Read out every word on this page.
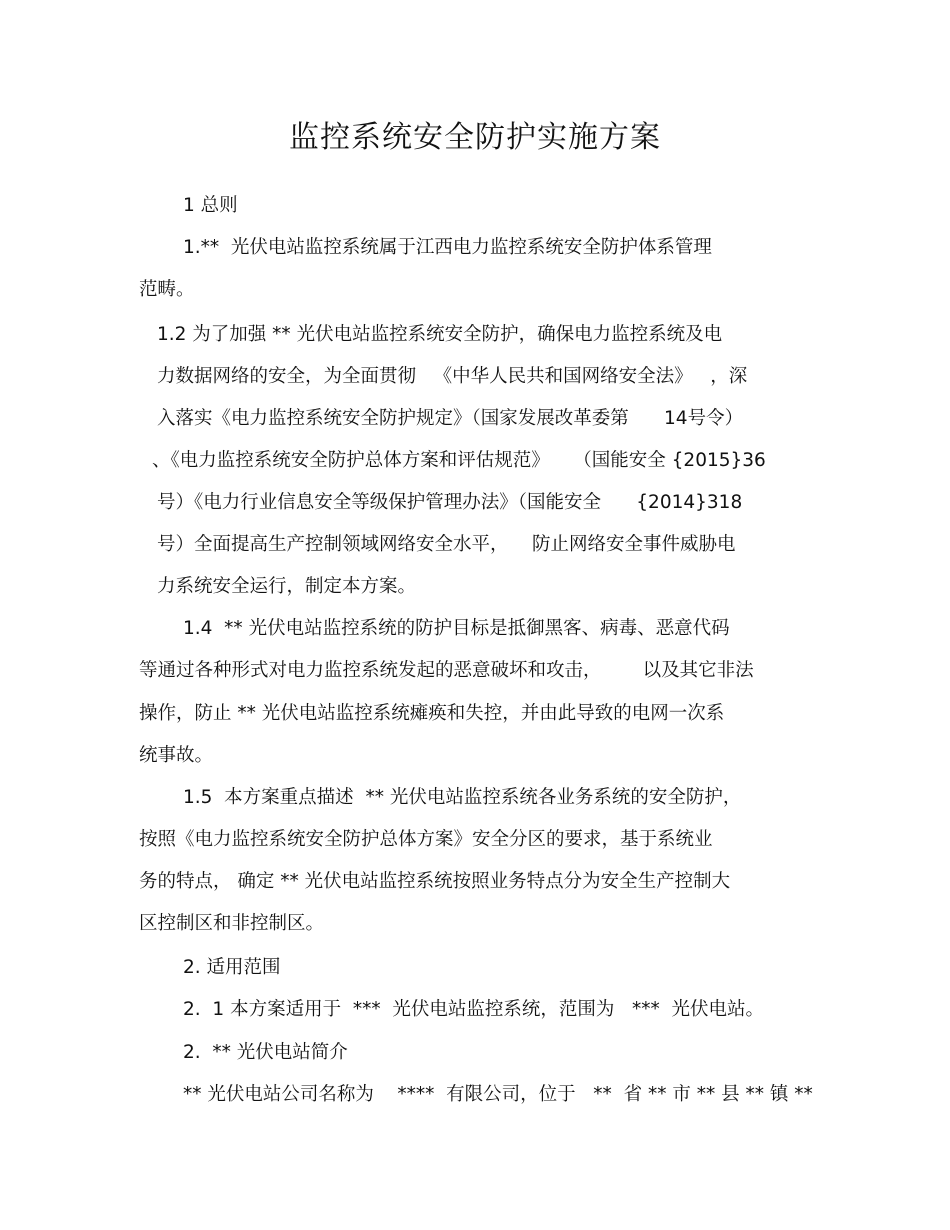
监控系统安全防护实施方案
1 总则
1.**  光伏电站监控系统属于江西电力监控系统安全防护体系管理
范畴。
1.2 为了加强 ** 光伏电站监控系统安全防护，确保电力监控系统及电
力数据网络的安全，为全面贯彻   《中华人民共和国网络安全法》   ，深
入落实《电力监控系统安全防护规定》（国家发展改革委第      14号令）
、《电力监控系统安全防护总体方案和评估规范》    （国能安全 {2015}36
号）《电力行业信息安全等级保护管理办法》（国能安全      {2014}318
号）全面提高生产控制领域网络安全水平，    防止网络安全事件威胁电
力系统安全运行，制定本方案。
1.4  ** 光伏电站监控系统的防护目标是抵御黑客、病毒、恶意代码
等通过各种形式对电力监控系统发起的恶意破坏和攻击，       以及其它非法
操作，防止 ** 光伏电站监控系统瘫痪和失控，并由此导致的电网一次系
统事故。
1.5  本方案重点描述  ** 光伏电站监控系统各业务系统的安全防护，
按照《电力监控系统安全防护总体方案》安全分区的要求，基于系统业
务的特点， 确定 ** 光伏电站监控系统按照业务特点分为安全生产控制大
区控制区和非控制区。
2. 适用范围
2.  1 本方案适用于  ***  光伏电站监控系统，范围为   ***  光伏电站。
2.  ** 光伏电站简介
** 光伏电站公司名称为    ****  有限公司，位于   **  省 ** 市 ** 县 ** 镇 **
